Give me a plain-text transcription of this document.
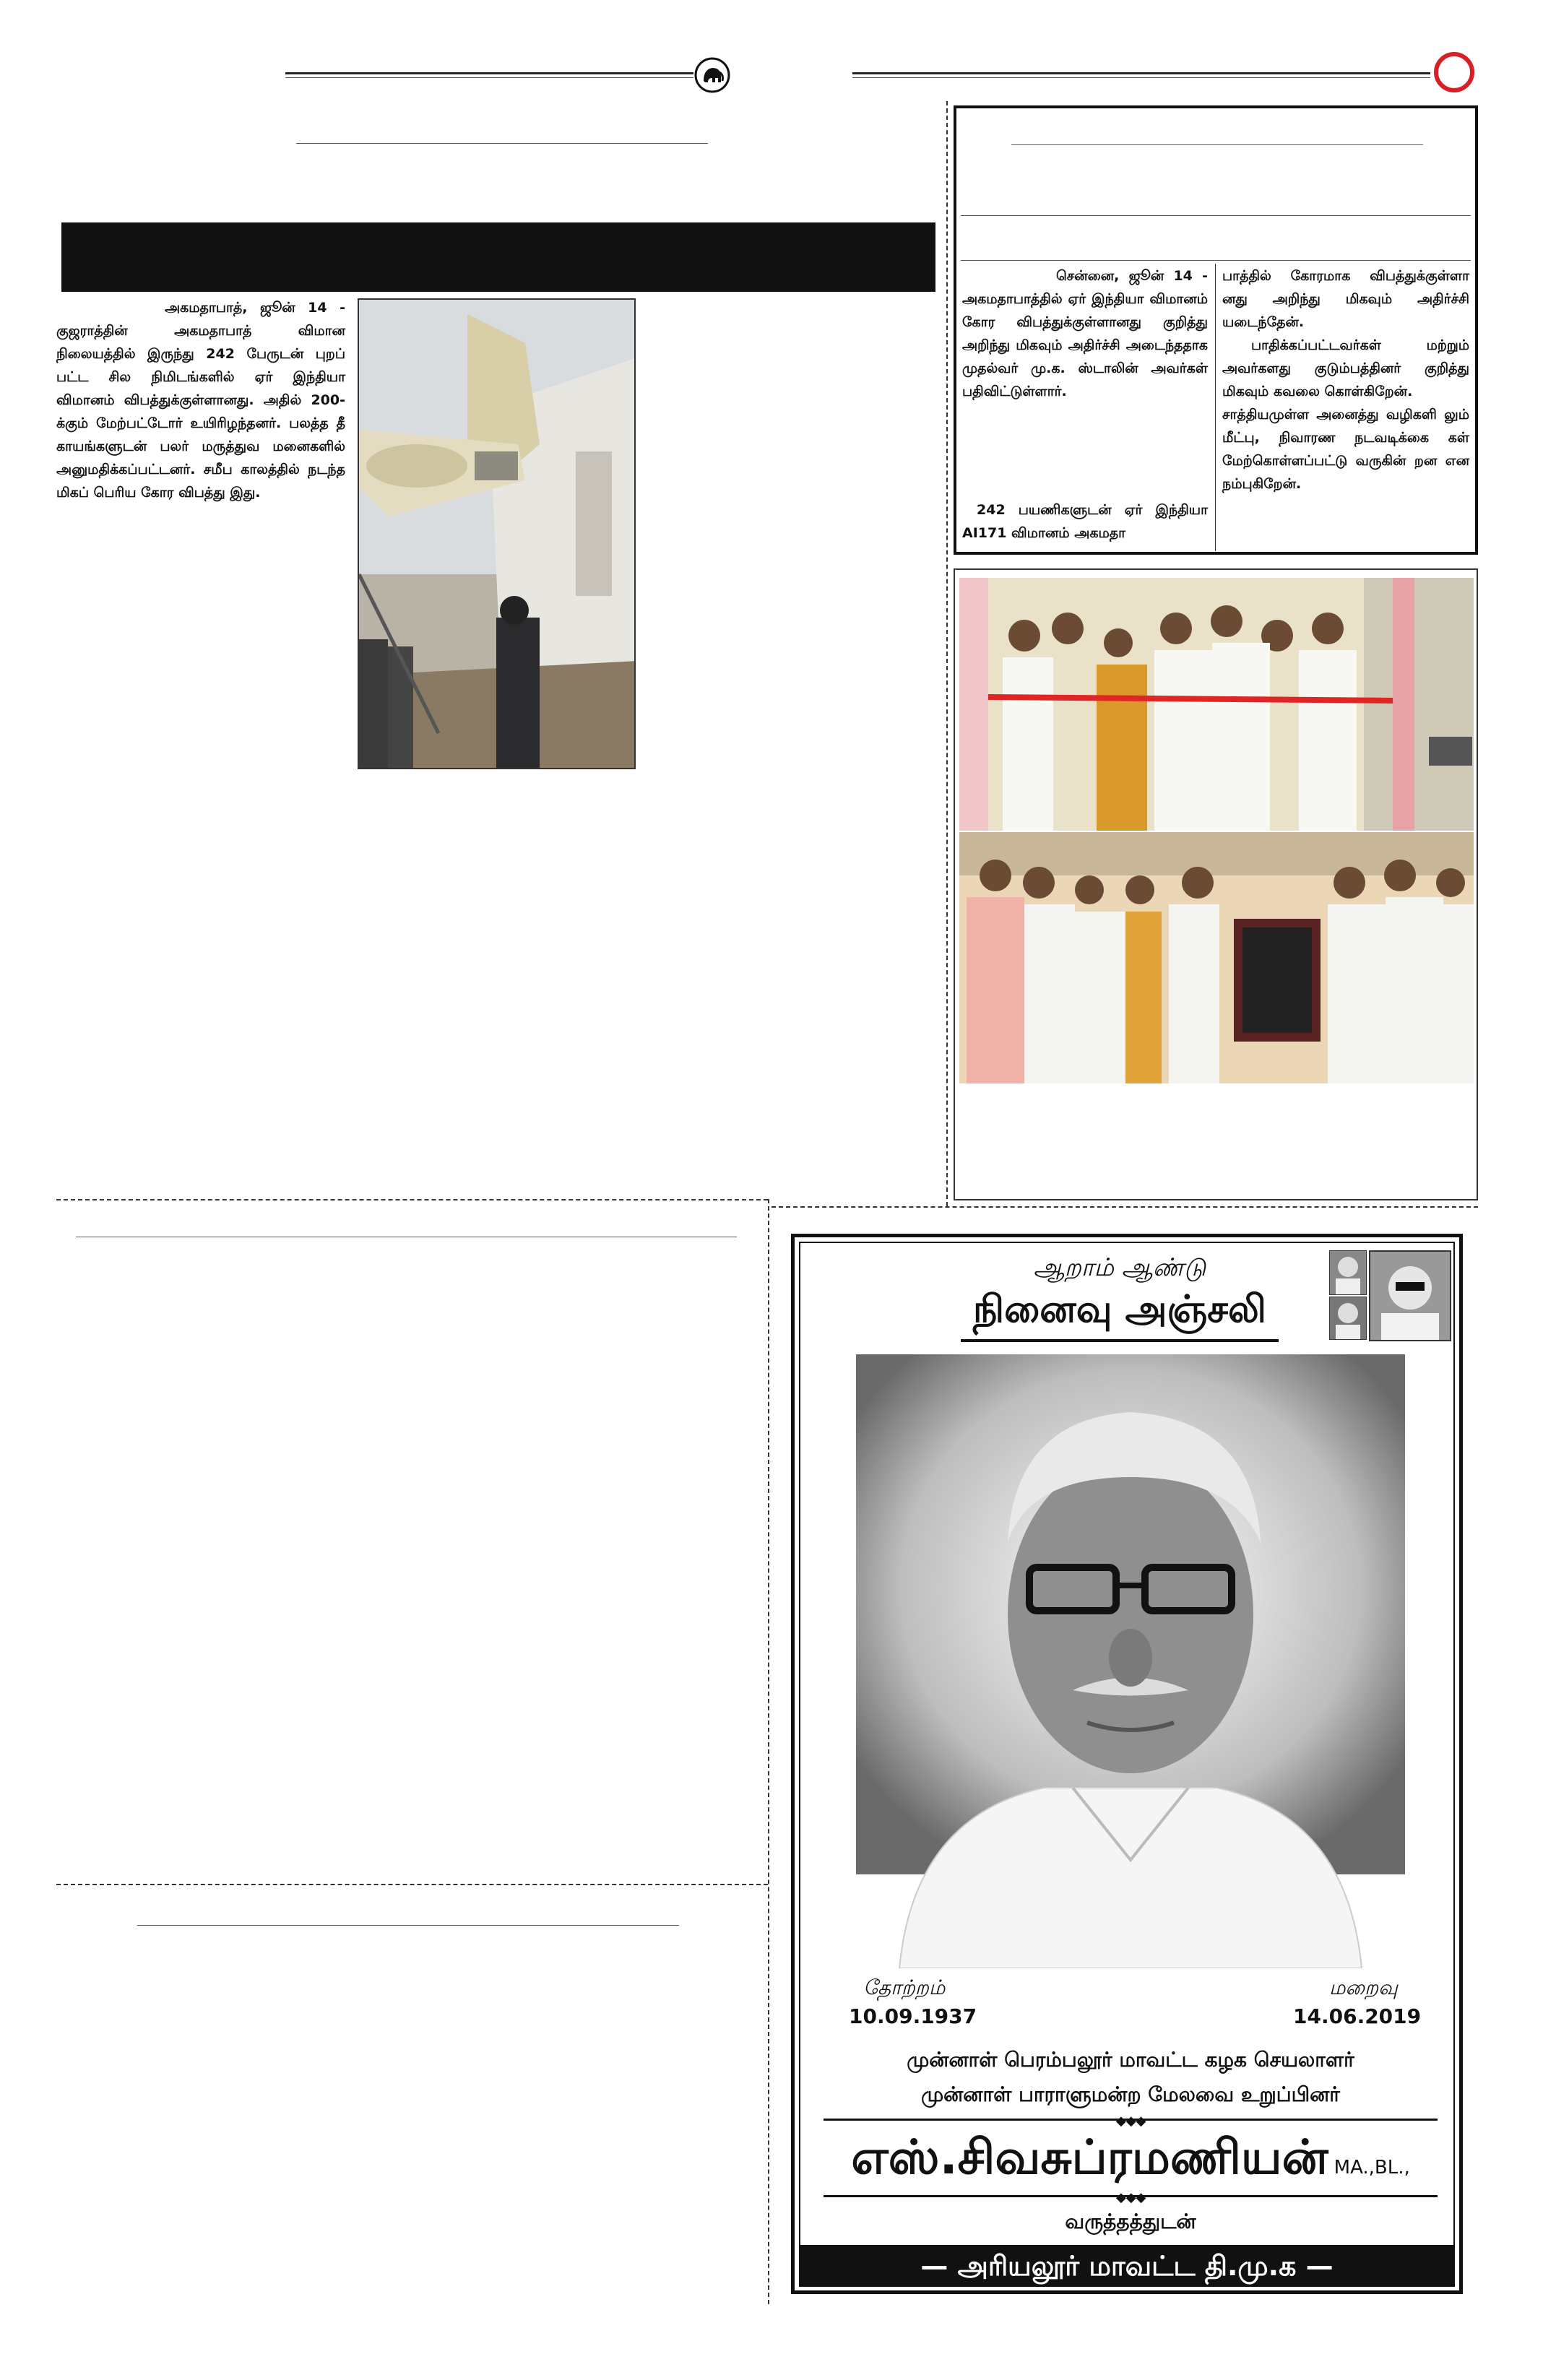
அகமதாபாத், ஜூன் 14 - குஜராத்தின் அகமதாபாத் விமான நிலையத்தில் இருந்து 242 பேருடன் புறப் பட்ட சில நிமிடங்களில் ஏர் இந்தியா விமானம் விபத்துக்குள்ளானது. அதில் 200-க்கும் மேற்பட்டோர் உயிரிழந்தனர். பலத்த தீ காயங்களுடன் பலர் மருத்துவ மனைகளில் அனுமதிக்கப்பட்டனர். சமீப காலத்தில் நடந்த மிகப் பெரிய கோர விபத்து இது.
சென்னை, ஜூன் 14 - அகமதாபாத்தில் ஏர் இந்தியா விமானம் கோர விபத்துக்குள்ளானது குறித்து அறிந்து மிகவும் அதிர்ச்சி அடைந்ததாக முதல்வர் மு.க. ஸ்டாலின் அவர்கள் பதிவிட்டுள்ளார்.
242 பயணிகளுடன் ஏர் இந்தியா AI171 விமானம் அகமதா
பாத்தில் கோரமாக விபத்துக்குள்ளா னது அறிந்து மிகவும் அதிர்ச்சி யடைந்தேன்.
பாதிக்கப்பட்டவர்கள் மற்றும் அவர்களது குடும்பத்தினர் குறித்து மிகவும் கவலை கொள்கிறேன்.
சாத்தியமுள்ள அனைத்து வழிகளி லும் மீட்பு, நிவாரண நடவடிக்கை கள் மேற்கொள்ளப்பட்டு வருகின் றன என நம்புகிறேன்.
ஆறாம் ஆண்டு
நினைவு அஞ்சலி
தோற்றம்
10.09.1937
மறைவு
14.06.2019
முன்னாள் பெரம்பலூர் மாவட்ட கழக செயலாளர்
முன்னாள் பாராளுமன்ற மேலவை உறுப்பினர்
◆◆◆
எஸ்.சிவசுப்ரமணியன் MA.,BL.,
◆◆◆
வருத்தத்துடன்
— அரியலூர் மாவட்ட தி.மு.க —
